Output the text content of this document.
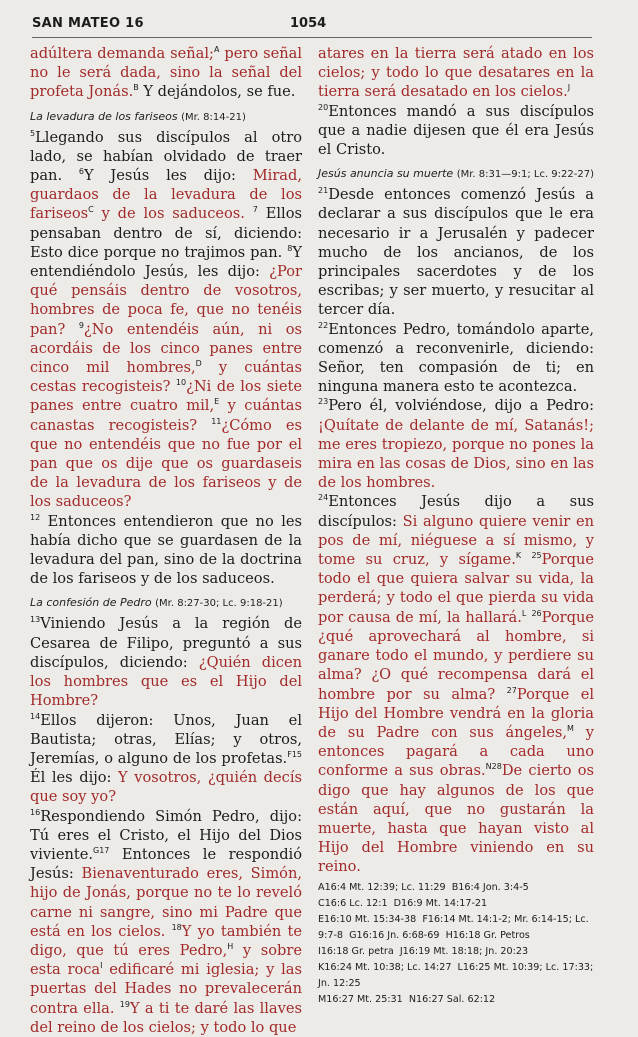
SAN MATEO 16	1054

adúltera demanda señal;$^A$ pero señal no le será dada, sino la señal del profeta Jonás.$^B$ Y dejándolos, se fue.

La levadura de los fariseos (Mr. 8:14-21)

$^5$Llegando sus discípulos al otro lado, se habían olvidado de traer pan. $^6$Y Jesús les dijo: Mirad, guardaos de la levadura de los fariseos$^C$ y de los saduceos. $^7$ Ellos pensaban dentro de sí, diciendo: Esto dice porque no trajimos pan. $^8$Y entendiéndolo Jesús, les dijo: ¿Por qué pensáis dentro de vosotros, hombres de poca fe, que no tenéis pan? $^9$¿No entendéis aún, ni os acordáis de los cinco panes entre cinco mil hombres,$^D$ y cuántas cestas recogisteis? $^{10}$¿Ni de los siete panes entre cuatro mil,$^E$ y cuántas canastas recogisteis? $^{11}$¿Cómo es que no entendéis que no fue por el pan que os dije que os guardaseis de la levadura de los fariseos y de los saduceos?
$^{12}$ Entonces entendieron que no les había dicho que se guardasen de la levadura del pan, sino de la doctrina de los fariseos y de los saduceos.

La confesión de Pedro (Mr. 8:27-30; Lc. 9:18-21)

$^{13}$Viniendo Jesús a la región de Cesarea de Filipo, preguntó a sus discípulos, diciendo: ¿Quién dicen los hombres que es el Hijo del Hombre?
$^{14}$Ellos dijeron: Unos, Juan el Bautista; otras, Elías; y otros, Jeremías, o alguno de los profetas.$^{F15}$ Él les dijo: Y vosotros, ¿quién decís que soy yo?
$^{16}$Respondiendo Simón Pedro, dijo: Tú eres el Cristo, el Hijo del Dios viviente.$^{G17}$ Entonces le respondió Jesús: Bienaventurado eres, Simón, hijo de Jonás, porque no te lo reveló carne ni sangre, sino mi Padre que está en los cielos. $^{18}$Y yo también te digo, que tú eres Pedro,$^H$ y sobre esta roca$^I$ edificaré mi iglesia; y las puertas del Hades no prevalecerán contra ella. $^{19}$Y a ti te daré las llaves del reino de los cielos; y todo lo que

atares en la tierra será atado en los cielos; y todo lo que desatares en la tierra será desatado en los cielos.$^J$
$^{20}$Entonces mandó a sus discípulos que a nadie dijesen que él era Jesús el Cristo.

Jesús anuncia su muerte (Mr. 8:31—9:1; Lc. 9:22-27)

$^{21}$Desde entonces comenzó Jesús a declarar a sus discípulos que le era necesario ir a Jerusalén y padecer mucho de los ancianos, de los principales sacerdotes y de los escribas; y ser muerto, y resucitar al tercer día.
$^{22}$Entonces Pedro, tomándolo aparte, comenzó a reconvenirle, diciendo: Señor, ten compasión de ti; en ninguna manera esto te acontezca.
$^{23}$Pero él, volviéndose, dijo a Pedro: ¡Quítate de delante de mí, Satanás!; me eres tropiezo, porque no pones la mira en las cosas de Dios, sino en las de los hombres.
$^{24}$Entonces Jesús dijo a sus discípulos: Si alguno quiere venir en pos de mí, niéguese a sí mismo, y tome su cruz, y sígame.$^K$ $^{25}$Porque todo el que quiera salvar su vida, la perderá; y todo el que pierda su vida por causa de mí, la hallará.$^L$ $^{26}$Porque ¿qué aprovechará al hombre, si ganare todo el mundo, y perdiere su alma? ¿O qué recompensa dará el hombre por su alma? $^{27}$Porque el Hijo del Hombre vendrá en la gloria de su Padre con sus ángeles,$^M$ y entonces pagará a cada uno conforme a sus obras.$^{N28}$De cierto os digo que hay algunos de los que están aquí, que no gustarán la muerte, hasta que hayan visto al Hijo del Hombre viniendo en su reino.

A16:4 Mt. 12:39; Lc. 11:29 B16:4 Jon. 3:4-5
C16:6 Lc. 12:1 D16:9 Mt. 14:17-21
E16:10 Mt. 15:34-38 F16:14 Mt. 14:1-2; Mr. 6:14-15; Lc. 9:7-8 G16:16 Jn. 6:68-69 H16:18 Gr. Petros
I16:18 Gr. petra J16:19 Mt. 18:18; Jn. 20:23
K16:24 Mt. 10:38; Lc. 14:27 L16:25 Mt. 10:39; Lc. 17:33; Jn. 12:25
M16:27 Mt. 25:31 N16:27 Sal. 62:12
